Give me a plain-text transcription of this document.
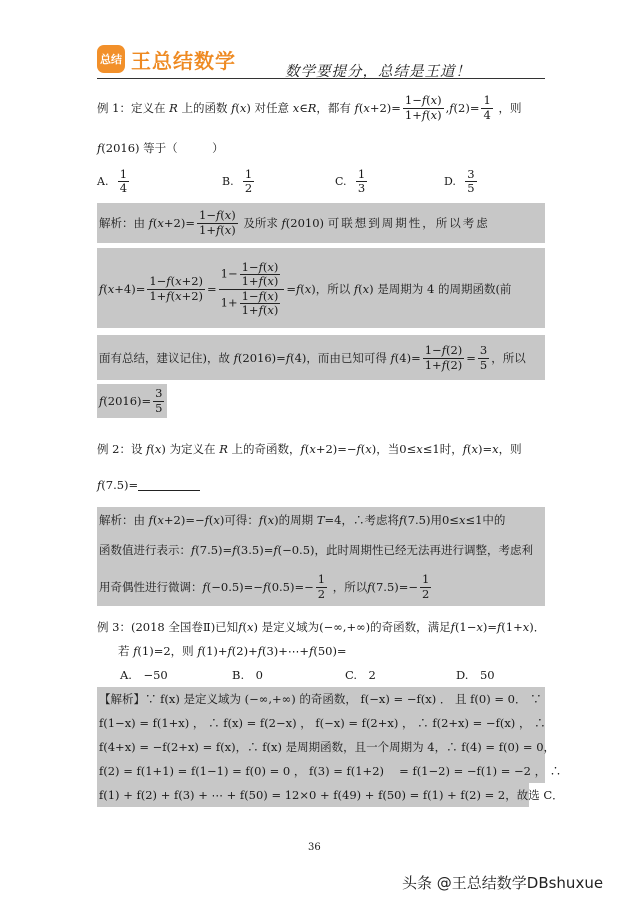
总结 王总结数学	数学要提分，总结是王道！
例 1：定义在
R
上的函数
f ( x ) 对任意
x ∈ R ，都有
f ( $x +2)= \frac{1-f(x)}{1+f(x)}$ , f $(2)= \frac{1}{4}$
，则
f (2016) 等于（　　　）
A.
$\frac{1}{4}$	B.
$\frac{1}{2}$	C.
$\frac{1}{3}$	D.
$\frac{3}{5}$
解析：由
f ( $x +2)= \frac{1-f(x)}{1+f(x)}$
及所求
f (2010) 可联想到周期性，所以考虑
f ( $x +4)= \frac{1-f(x+2)}{1+f(x+2)} = \frac{1- \frac{1-f(x)}{1+f(x)}}{1+ \frac{1-f(x)}{1+f(x)}} = f$ ( x ) ，所以
f ( x ) 是周期为 4 的周期函数(前
面有总结，建议记住)，故
f (2016)= f (4) ，而由已知可得
f $(4)= \frac{1-f(2)}{1+f(2)} = \frac{3}{5}$ ，所以
f $(2016)= \frac{3}{5}$
例 2：设
f ( x ) 为定义在
R
上的奇函数， f ( x +2)=− f ( x ) ，当 0≤ x ≤1 时， f ( x )= x ，则
f (7.5)=
解析：由
f ( x +2)=− f ( x ) 可得： f ( x ) 的周期
T =4 ，∴考虑将 f (7.5) 用 0≤ x ≤1 中的
函数值进行表示： f (7.5)= f (3.5)= f (−0.5) ，此时周期性已经无法再进行调整，考虑利
用奇偶性进行微调： f (−0.5)=− f $(0.5)=- \frac{1}{2}$
，所以 f $(7.5)=- \frac{1}{2}$
例 3：(2018 全国卷Ⅱ)已知 f ( x ) 是定义域为 (−∞,+∞) 的奇函数，满足 f (1− x )= f (1+ x )．
若
f (1)=2 ，则
f (1)+ f (2)+ f (3)+⋯+ f (50)=
A.　−50	B.　0	C.　2	D.　50
【解析】∵ f(x) 是定义域为 (−∞,+∞) 的奇函数， f(−x) = −f(x) ． 且 f(0) = 0． ∵
f(1−x) = f(1+x) ， ∴ f(x) = f(2−x) ， f(−x) = f(2+x) ， ∴ f(2+x) = −f(x) ， ∴
f(4+x) = −f(2+x) = f(x)，∴ f(x) 是周期函数，且一个周期为 4，∴ f(4) = f(0) = 0，
f(2) = f(1+1) = f(1−1) = f(0) = 0 ， f(3) = f(1+2)　 = f(1−2) = −f(1) = −2 ， ∴
f(1) + f(2) + f(3) + ⋯ + f(50) = 12×0 + f(49) + f(50) = f(1) + f(2) = 2，故选 C．
36
头条 @王总结数学DBshuxue
